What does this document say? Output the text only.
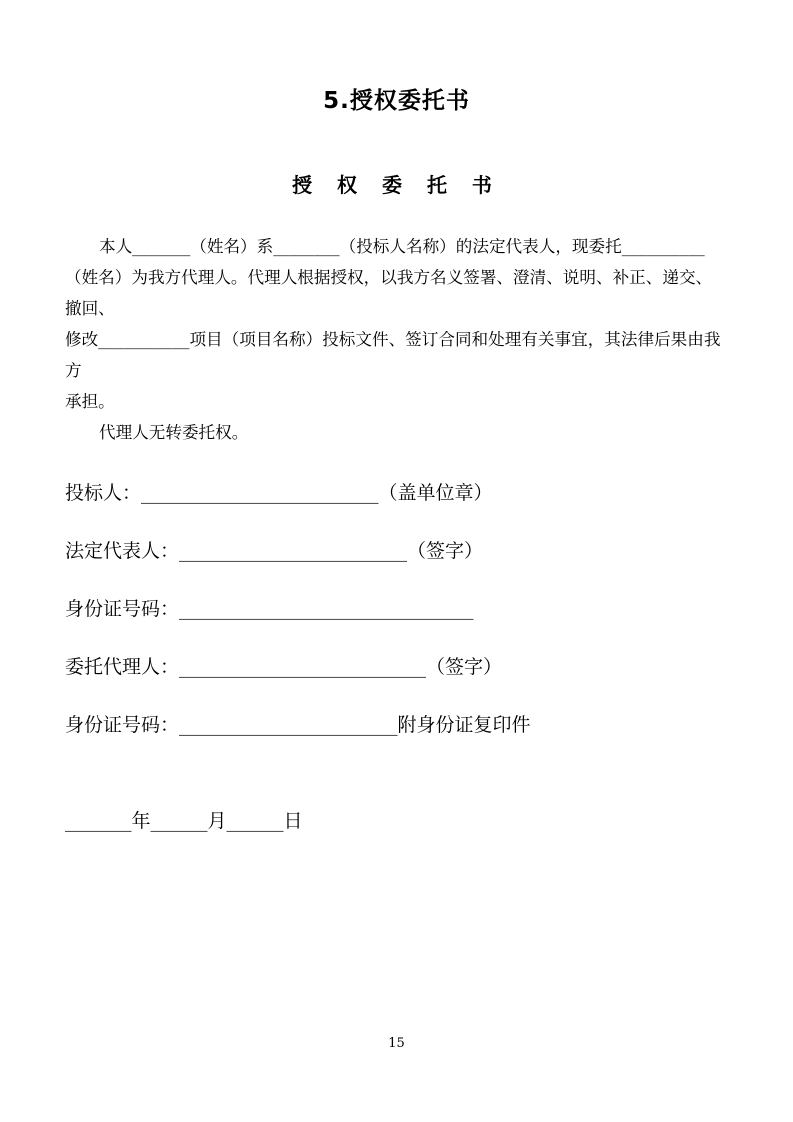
5.授权委托书
授 权 委 托 书
本人_______（姓名）系________（投标人名称）的法定代表人，现委托__________
（姓名）为我方代理人。代理人根据授权，以我方名义签署、澄清、说明、补正、递交、撤回、
修改___________项目（项目名称）投标文件、签订合同和处理有关事宜，其法律后果由我方
承担。
代理人无转委托权。
投标人：_________________________（盖单位章）
法定代表人：________________________（签字）
身份证号码：_______________________________
委托代理人：__________________________（签字）
身份证号码：_______________________附身份证复印件
_______年______月______日
15
